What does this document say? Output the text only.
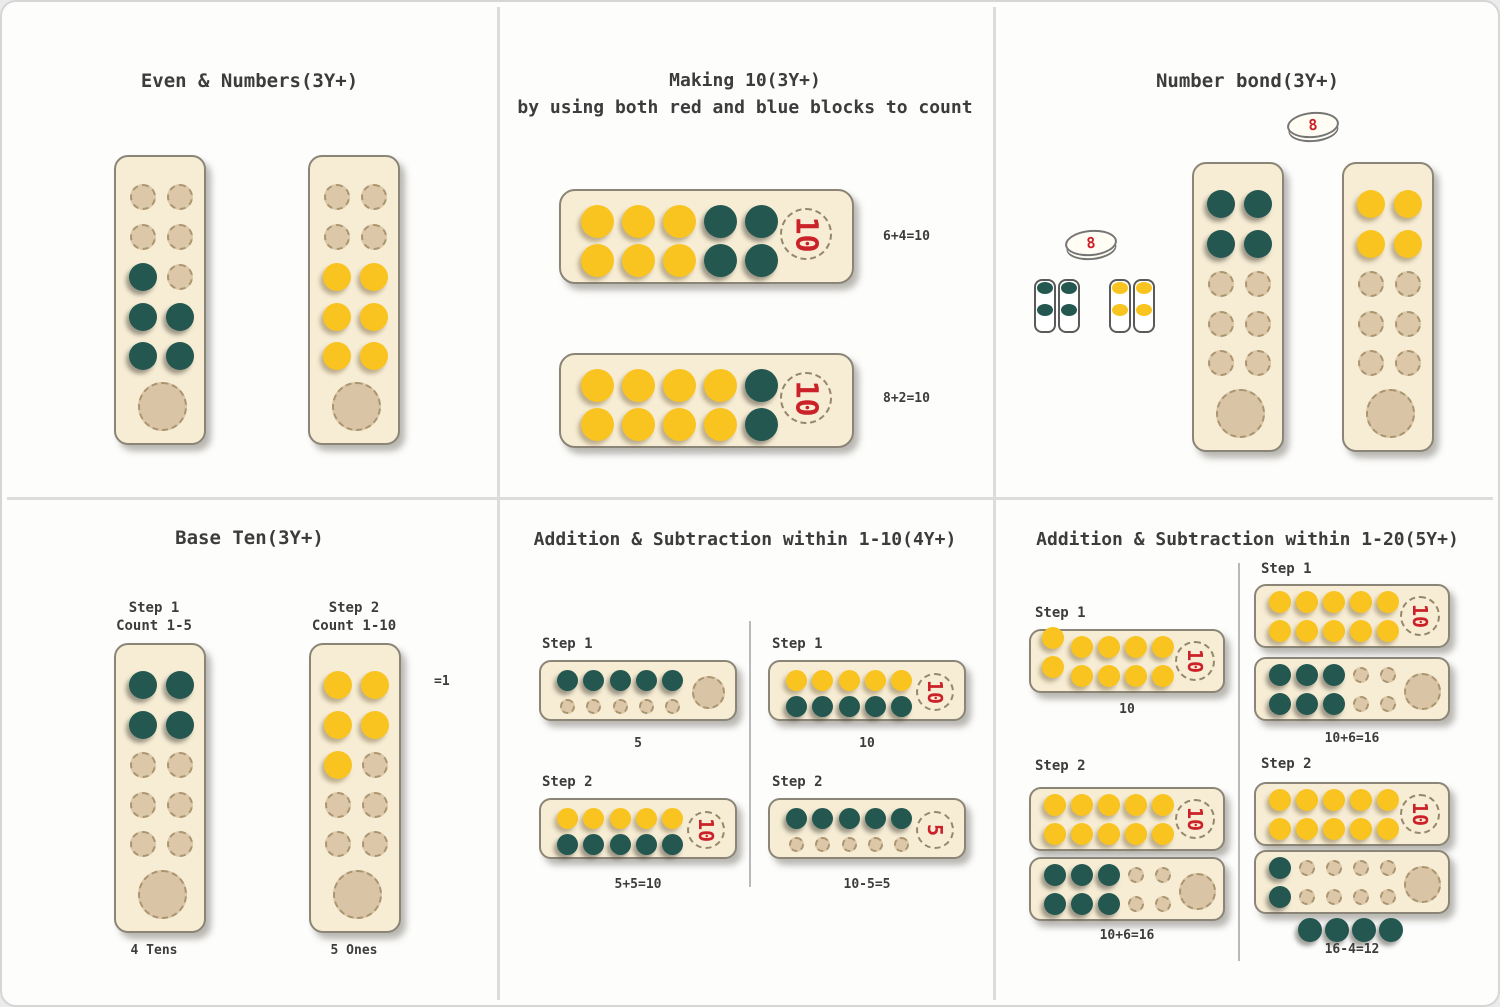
Even & Numbers(3Y+)	Making 10(3Y+)
by using both red and blue blocks to count
10
10
6+4=10
8+2=10
Number bond(3Y+)
8
8
Base Ten(3Y+)
Step 1
Count 1-5
Step 2
Count 1-10
=1
4 Tens	5 Ones
Addition & Subtraction within 1-10(4Y+)
Step 1
5
Step 2
10
5+5=10
Step 1
10
10
Step 2
5
10-5=5
Addition & Subtraction within 1-20(5Y+)
Step 1
10
10
Step 2
10
10+6=16
Step 1
10
10+6=16
Step 2
10
16-4=12
